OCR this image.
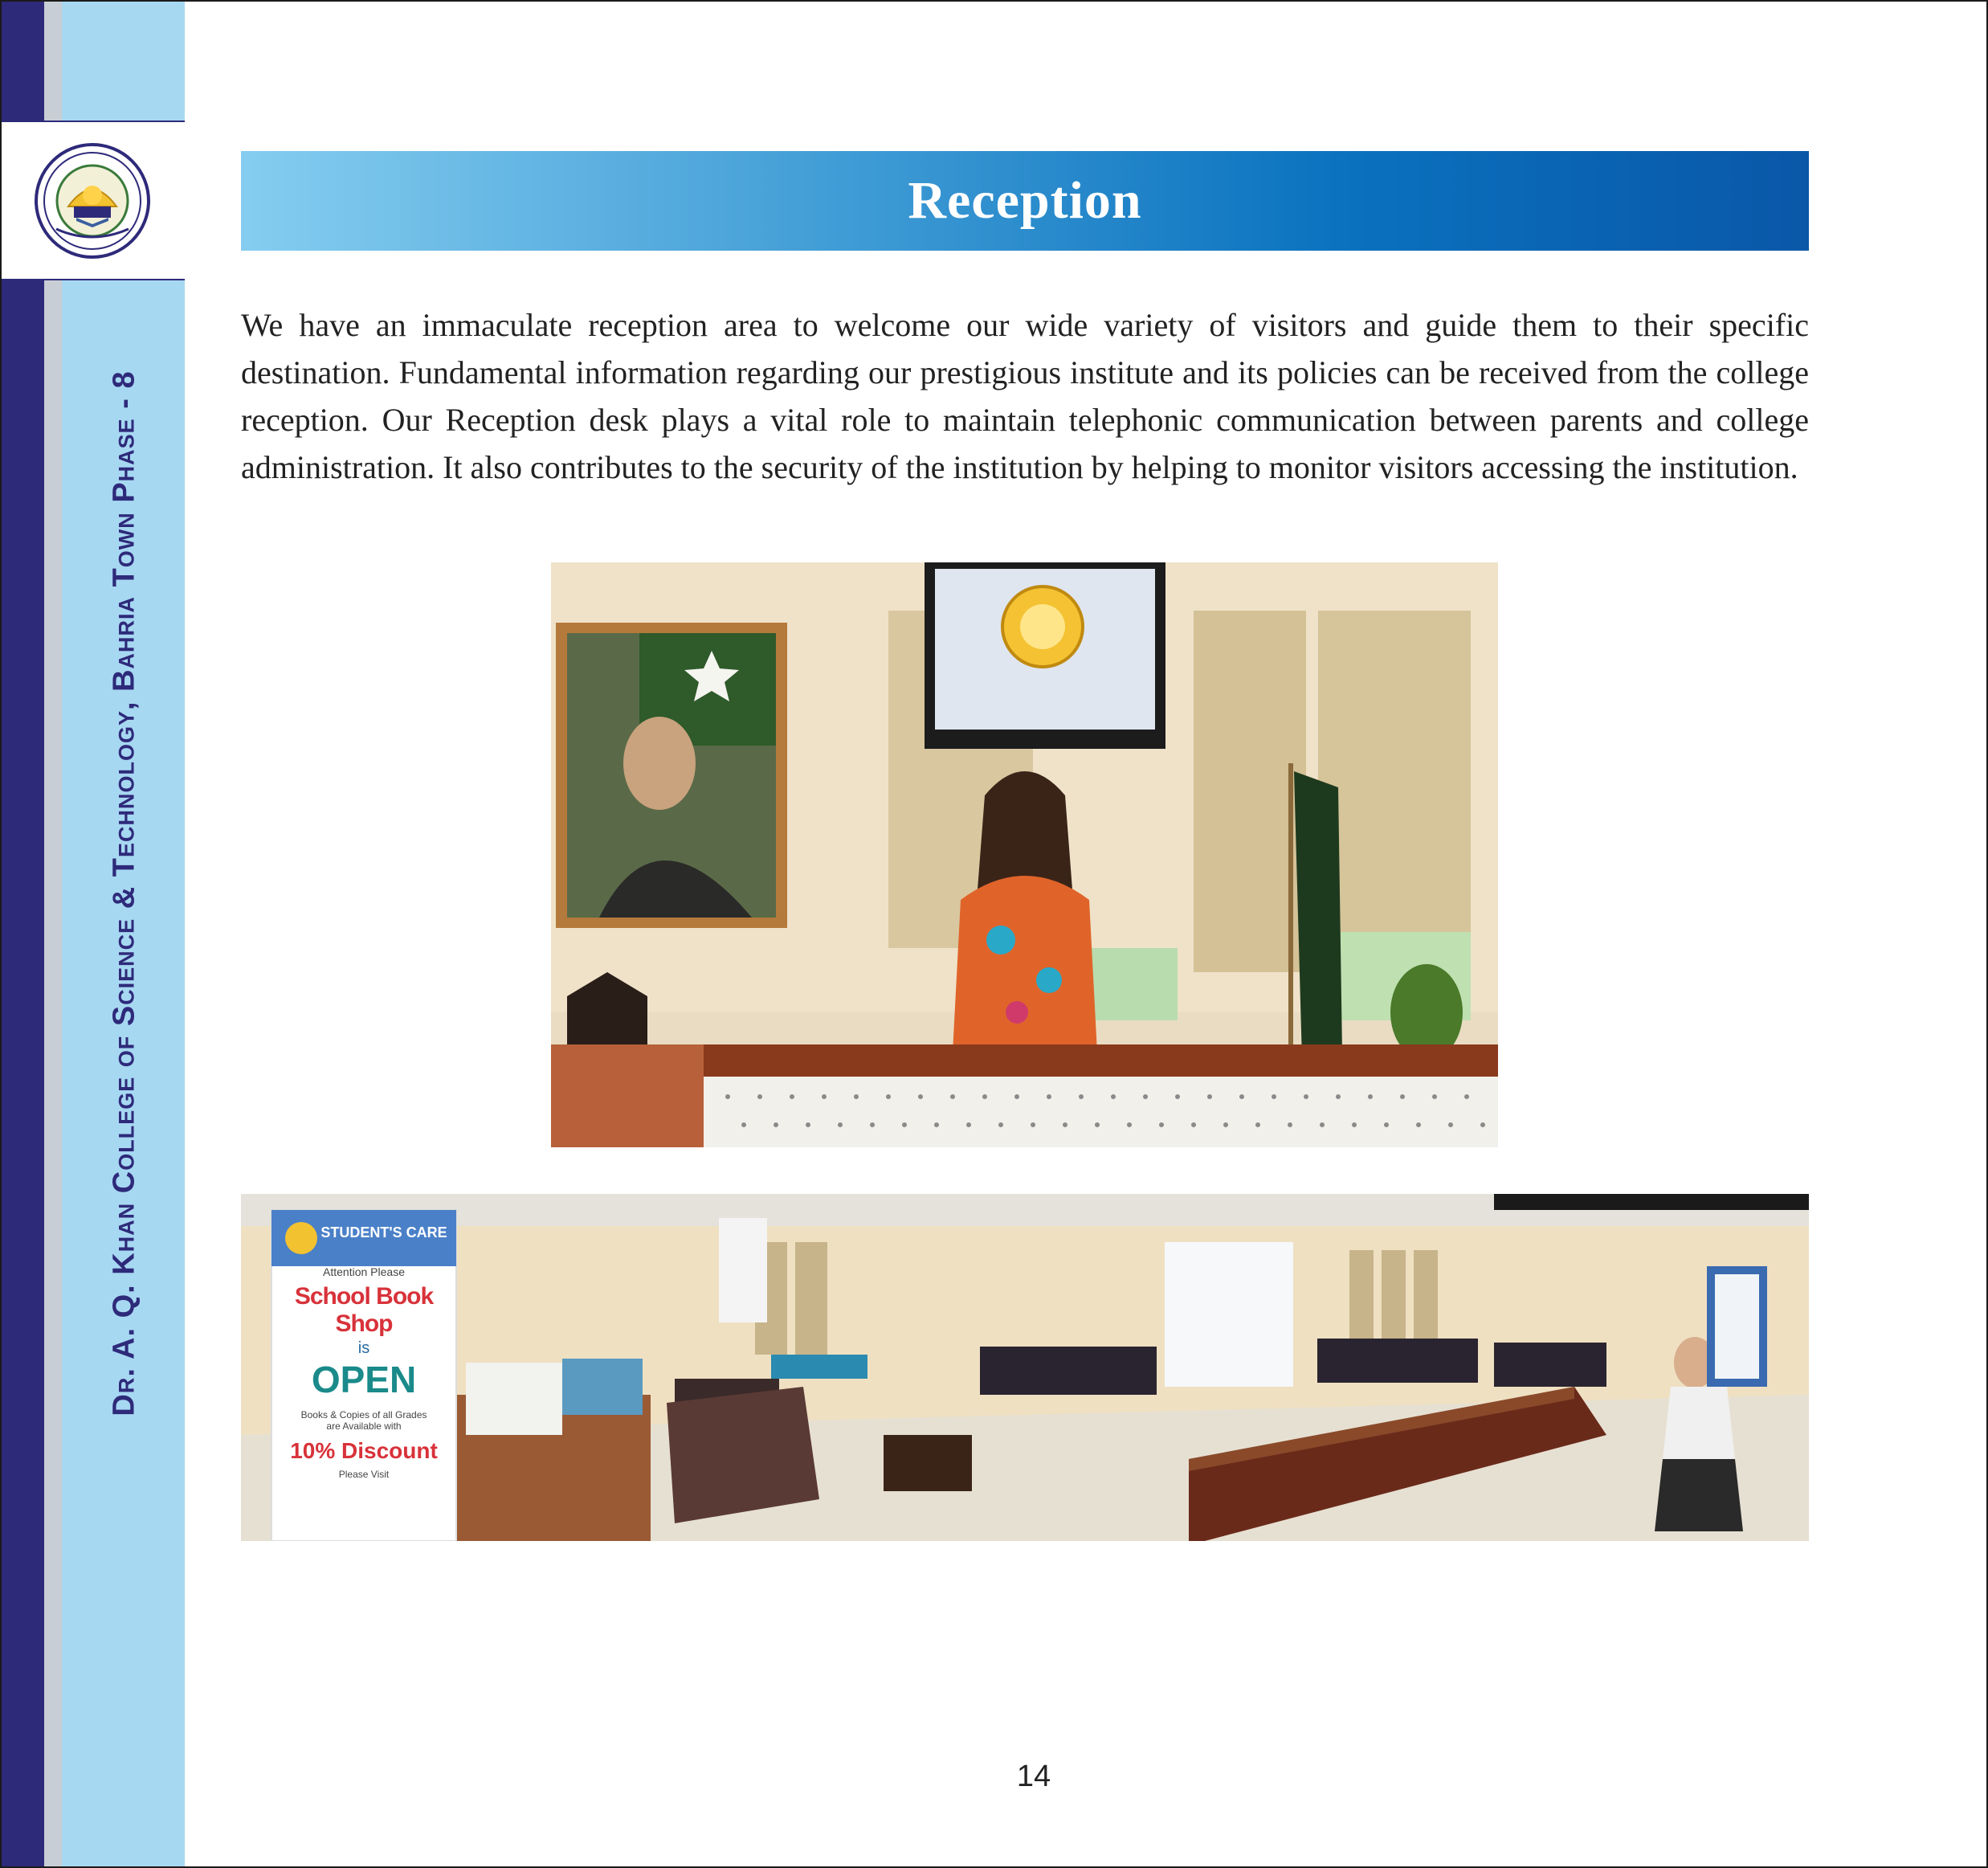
Dr. A. Q. Khan College of Science & Technology, Bahria Town Phase - 8
Reception
We have an immaculate reception area to welcome our wide variety of visitors and guide them to their specific destination. Fundamental information regarding our prestigious institute and its policies can be received from the college reception. Our Reception desk plays a vital role to maintain telephonic communication between parents and college administration. It also contributes to the security of the institution by helping to monitor visitors accessing the institution.
STUDENT'S CARE
Attention Please
School Book Shop
is
OPEN
Books & Copies of all Grades
are Available with
10% Discount
Please Visit
14
